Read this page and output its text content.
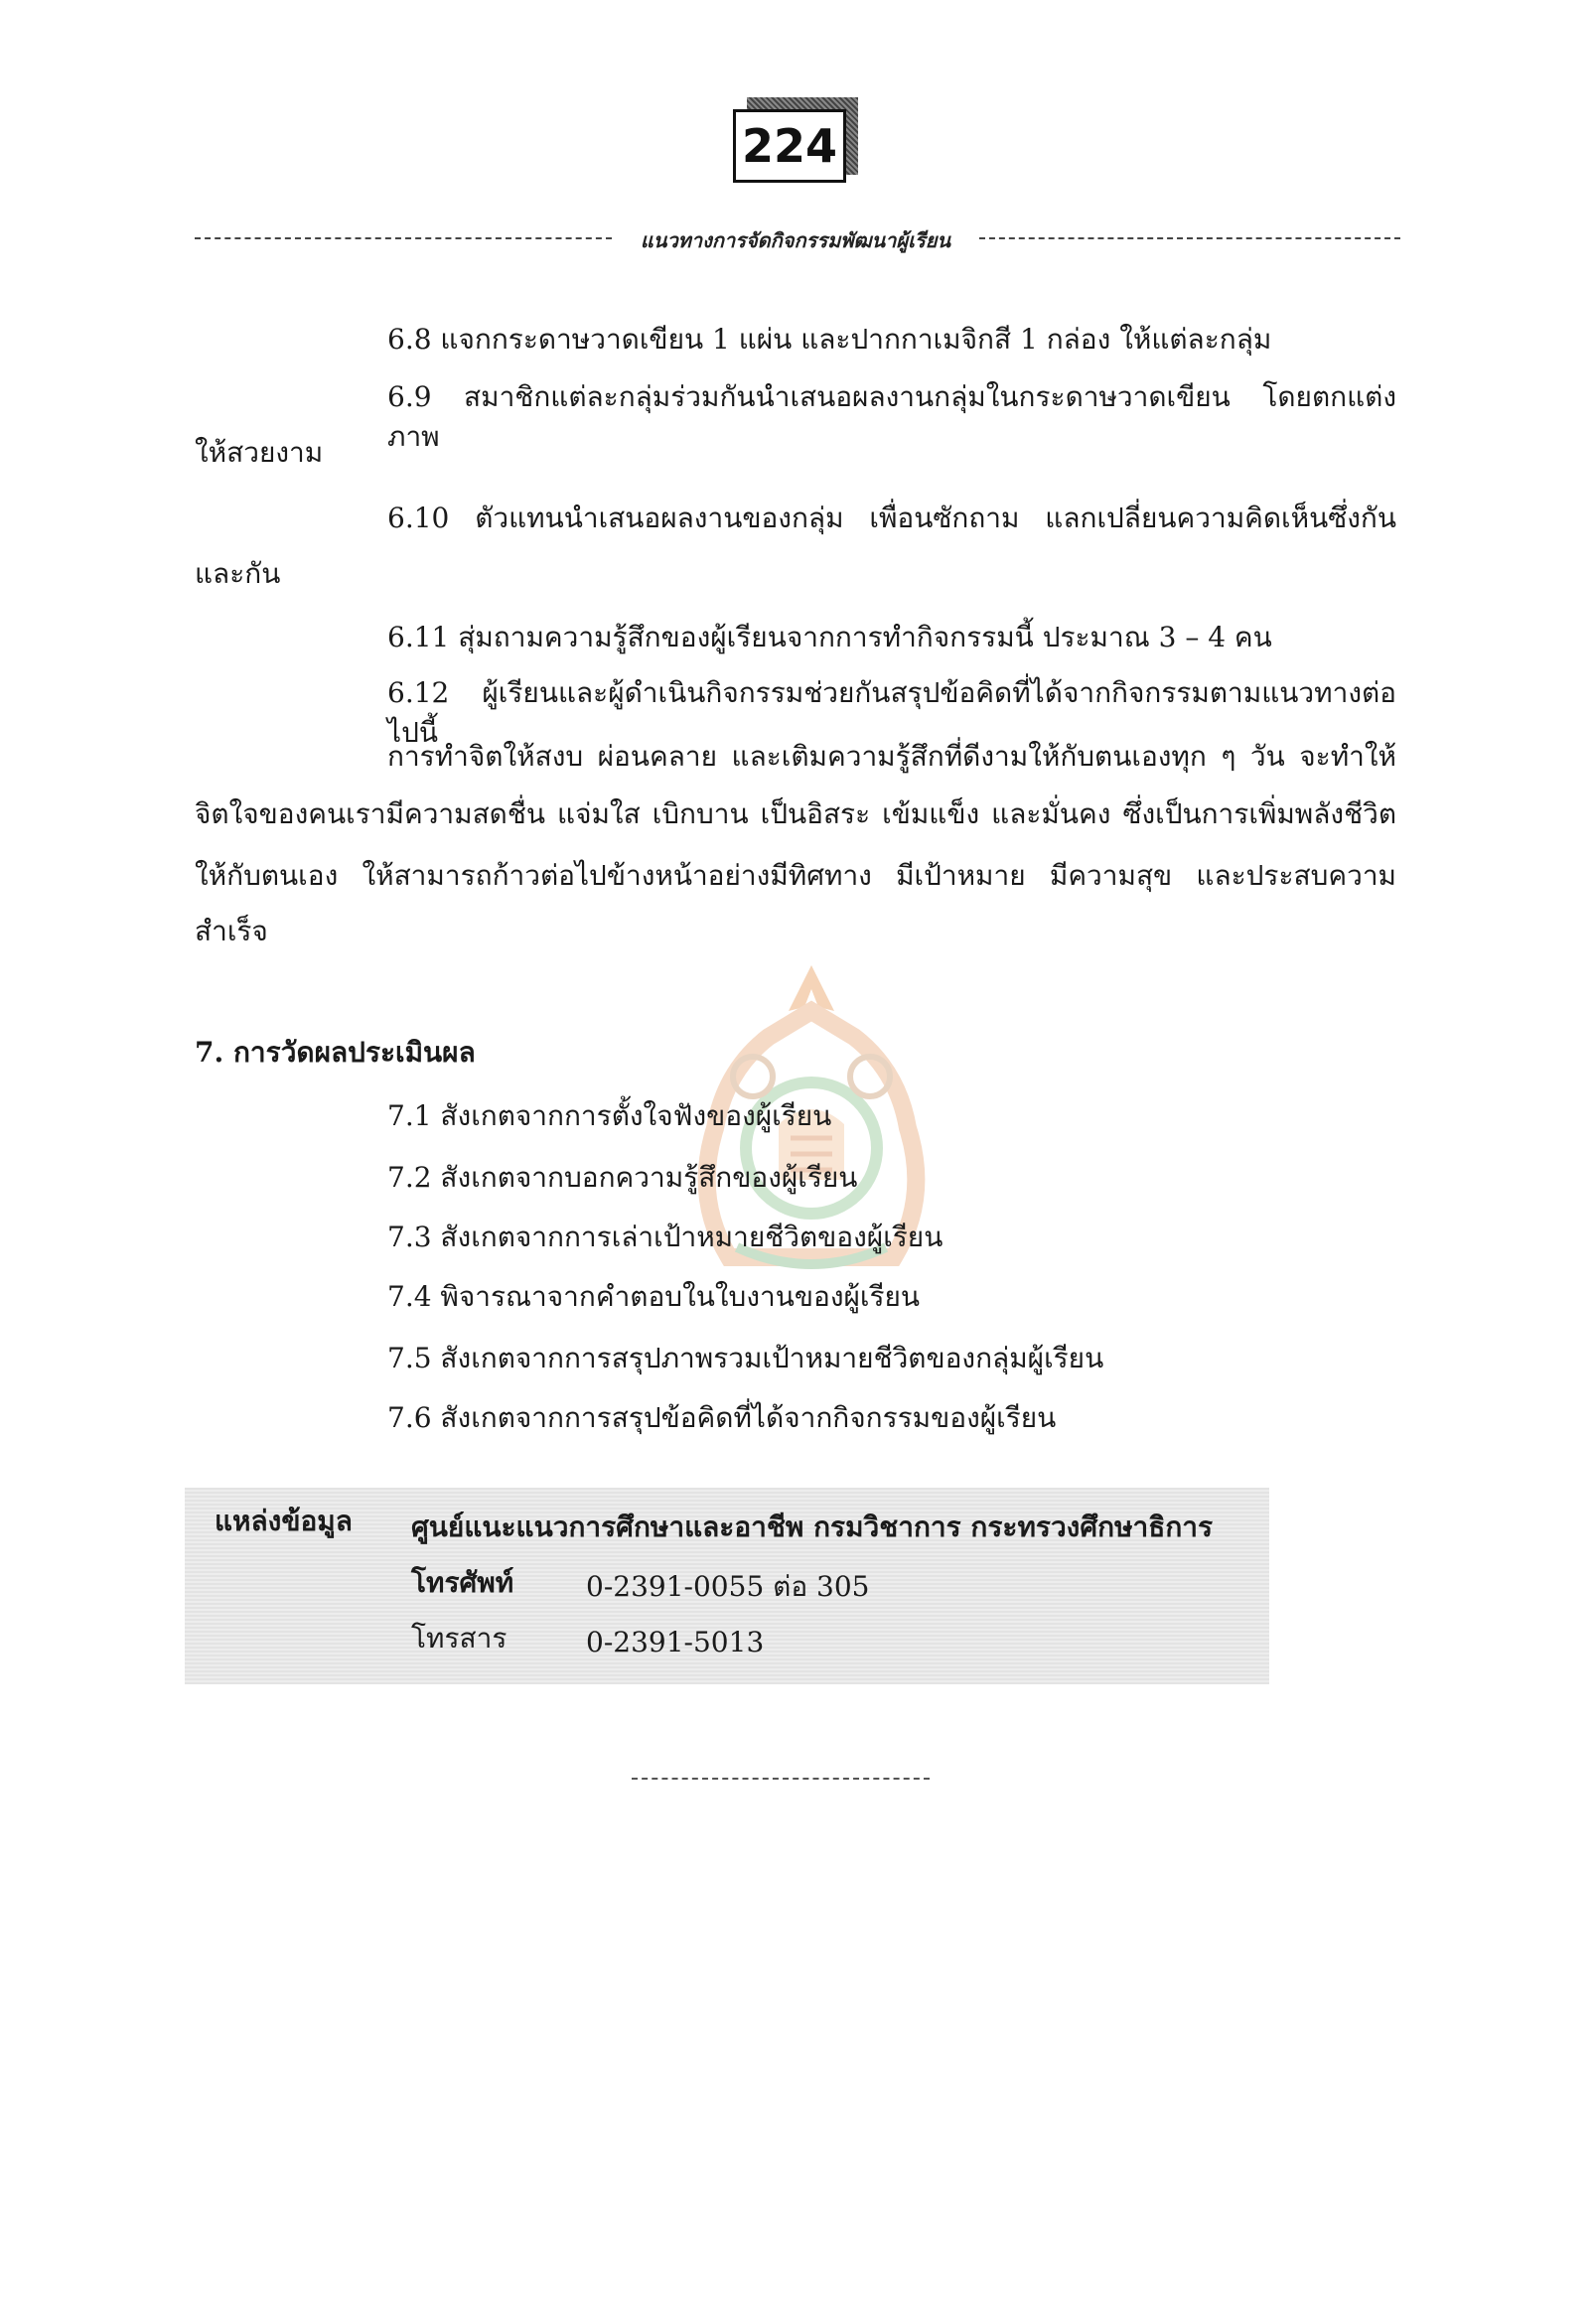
224
แนวทางการจัดกิจกรรมพัฒนาผู้เรียน
6.8 แจกกระดาษวาดเขียน 1 แผ่น และปากกาเมจิกสี 1 กล่อง ให้แต่ละกลุ่ม
6.9 สมาชิกแต่ละกลุ่มร่วมกันนำเสนอผลงานกลุ่มในกระดาษวาดเขียน โดยตกแต่งภาพ
ให้สวยงาม
6.10 ตัวแทนนำเสนอผลงานของกลุ่ม เพื่อนซักถาม แลกเปลี่ยนความคิดเห็นซึ่งกัน
และกัน
6.11 สุ่มถามความรู้สึกของผู้เรียนจากการทำกิจกรรมนี้ ประมาณ 3 – 4 คน
6.12 ผู้เรียนและผู้ดำเนินกิจกรรมช่วยกันสรุปข้อคิดที่ได้จากกิจกรรมตามแนวทางต่อไปนี้
การทำจิตให้สงบ ผ่อนคลาย และเติมความรู้สึกที่ดีงามให้กับตนเองทุก ๆ วัน จะทำให้
จิตใจของคนเรามีความสดชื่น แจ่มใส เบิกบาน เป็นอิสระ เข้มแข็ง และมั่นคง ซึ่งเป็นการเพิ่มพลังชีวิต
ให้กับตนเอง ให้สามารถก้าวต่อไปข้างหน้าอย่างมีทิศทาง มีเป้าหมาย มีความสุข และประสบความ
สำเร็จ
7. การวัดผลประเมินผล
7.1 สังเกตจากการตั้งใจฟังของผู้เรียน
7.2 สังเกตจากบอกความรู้สึกของผู้เรียน
7.3 สังเกตจากการเล่าเป้าหมายชีวิตของผู้เรียน
7.4 พิจารณาจากคำตอบในใบงานของผู้เรียน
7.5 สังเกตจากการสรุปภาพรวมเป้าหมายชีวิตของกลุ่มผู้เรียน
7.6 สังเกตจากการสรุปข้อคิดที่ได้จากกิจกรรมของผู้เรียน
แหล่งข้อมูล ศูนย์แนะแนวการศึกษาและอาชีพ กรมวิชาการ กระทรวงศึกษาธิการ
โทรศัพท์	0-2391-0055 ต่อ 305
โทรสาร	0-2391-5013
